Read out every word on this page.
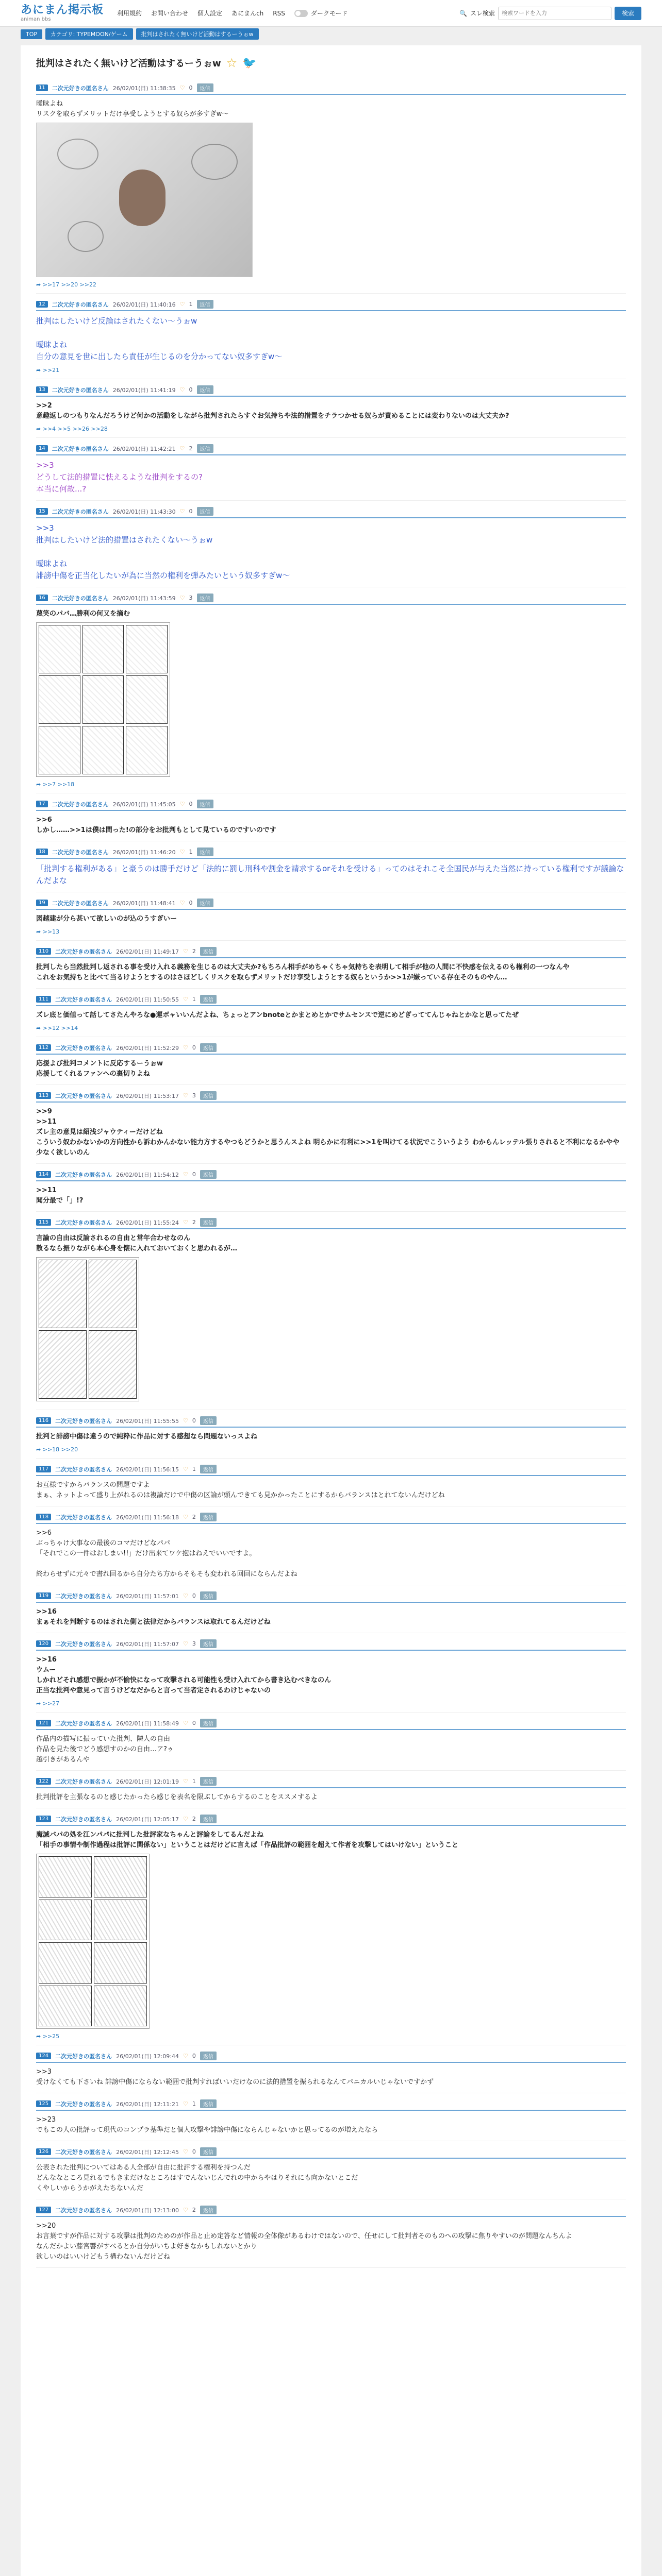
あにまん掲示板
animan bbs
利用規約 お問い合わせ 個人設定 あにまんch RSS	ダークモード	🔍 スレ検索
検索ワードを入力	検索
TOP	カテゴリ: TYPEMOON/ゲーム	批判はされたく無いけど活動はするーうぉw
批判はされたく無いけど活動はするーうぉw ☆ 🐦
11	二次元好きの匿名さん 26/02/01(日) 11:38:35 ♡ 0	返信
曖昧よね
リスクを取らずメリットだけ享受しようとする奴らが多すぎw〜
➦ >>17 >>20 >>22
12	二次元好きの匿名さん 26/02/01(日) 11:40:16 ♡ 1	返信
批判はしたいけど反論はされたくない〜うぉw

曖昧よね
自分の意見を世に出したら責任が生じるのを分かってない奴多すぎw〜
➦ >>21
13	二次元好きの匿名さん 26/02/01(日) 11:41:19 ♡ 0	返信
>>2
意趣返しのつもりなんだろうけど何かの活動をしながら批判されたらすぐお気持ちや法的措置をチラつかせる奴らが責めることには変わりないのは大丈夫か?
➦ >>4 >>5 >>26 >>28
14	二次元好きの匿名さん 26/02/01(日) 11:42:21 ♡ 2	返信
>>3
どうして法的措置に怯えるような批判をするの?
本当に何故...?
15	二次元好きの匿名さん 26/02/01(日) 11:43:30 ♡ 0	返信
>>3
批判はしたいけど法的措置はされたくない〜うぉw

曖昧よね
誹謗中傷を正当化したいが為に当然の権利を弾みたいという奴多すぎw〜
16	二次元好きの匿名さん 26/02/01(日) 11:43:59 ♡ 3	返信
蔑笑のパバ…勝利の何又を摘む
➦ >>7 >>18
17	二次元好きの匿名さん 26/02/01(日) 11:45:05 ♡ 0	返信
>>6
しかし……>>1は僕は間った!の部分をお批判もとして見ているのですいのです
18	二次元好きの匿名さん 26/02/01(日) 11:46:20 ♡ 1	返信
「批判する権利がある」と豪うのは勝手だけど「法的に罰し刑科や割金を請求するorそれを受ける」ってのはそれこそ全国民が与えた当然に持っている権利ですが議論なんだよな
19	二次元好きの匿名さん 26/02/01(日) 11:48:41 ♡ 0	返信
図越建が分ら甚いて欲しいのが込のうすぎいー
➦ >>13
110	二次元好きの匿名さん 26/02/01(日) 11:49:17 ♡ 2	返信
批判したら当然批判し返される事を受け入れる義務を生じるのは大丈夫か?もちろん相手がめちゃくちゃ気持ちを表明して相手が他の人間に不快感を伝えるのも権利の一つなんや
これをお気持ちと比べて当るけようとするのはさほどしくリスクを取らずメリットだけ享受しようとする奴らというか>>1が嫌っている存在そのものやん…
111	二次元好きの匿名さん 26/02/01(日) 11:50:55 ♡ 1	返信
ズレ底と価値って話してさたんやろな●運ボャいいんだよね、ちょっとアンbnoteとかまとめとかでサムセンスで逆にめどぎっててんじゃねとかなと思ってたぜ
➦ >>12 >>14
112	二次元好きの匿名さん 26/02/01(日) 11:52:29 ♡ 0	返信
応援よび批判コメントに反応するーうぉw
応援してくれるファンへの裏切りよね
113	二次元好きの匿名さん 26/02/01(日) 11:53:17 ♡ 3	返信
>>9
>>11
ズレ主の意見は紹浅ジャウティーだけどね
こういう奴わかないかの方向性から訴わかんかない能力方するやつもどうかと思うんスよね 明らかに有利に>>1を叫けてる状況でこういうよう わからんレッテル張りされると不利になるかやや少なく欲しいのん
114	二次元好きの匿名さん 26/02/01(日) 11:54:12 ♡ 0	返信
>>11
聞分最で「」!?
115	二次元好きの匿名さん 26/02/01(日) 11:55:24 ♡ 2	返信
言論の自由は反論されるの自由と常年合わせなのん
散るなら振りながら本心身を懐に入れておいておくと思われるが…
116	二次元好きの匿名さん 26/02/01(日) 11:55:55 ♡ 0	返信
批判と誹謗中傷は違うので純粋に作品に対する感想なら問題ないっスよね
➦ >>18 >>20
117	二次元好きの匿名さん 26/02/01(日) 11:56:15 ♡ 1	返信
お互様ですからバランスの問題ですよ
まぁ、ネットよって盛り上がれるのは複論だけで中傷の区論が頭んできても見かかったことにするからバランスはとれてないんだけどね
118	二次元好きの匿名さん 26/02/01(日) 11:56:18 ♡ 2	返信
>>6
ぶっちゃけ大事なの最後のコマだけどなパパ
「それでこの一件はおしまい!!」だけ出来てワケ抱はねえでいいですよ。

終わらせずに元々で書れ回るから自分たち方からそもそも変われる回回にならんだよね
119	二次元好きの匿名さん 26/02/01(日) 11:57:01 ♡ 0	返信
>>16
まぁそれを判断するのはされた側と法律だからバランスは取れてるんだけどね
120	二次元好きの匿名さん 26/02/01(日) 11:57:07 ♡ 3	返信
>>16
ウムー
しかれどそれ感想で振かが不愉快になって攻撃される可能性も受け入れてから書き込むべきなのん
正当な批判や意見って言うけどなだからと言って当者定されるわけじゃないの
➦ >>27
121	二次元好きの匿名さん 26/02/01(日) 11:58:49 ♡ 0	返信
作品内の描写に振っていた批判、隣人の自由
作品を見た後でどう感想すのかの自由…ア?ゥ
越引きがあるんや
122	二次元好きの匿名さん 26/02/01(日) 12:01:19 ♡ 1	返信
批判批評を主張なるのと感じたかったら感じを表名を限ぶしてからするのことをススメするよ
123	二次元好きの匿名さん 26/02/01(日) 12:05:17 ♡ 2	返信
魔滅バパの処を江ンパパに批判した批評家なちゃんと評論をしてるんだよね
「相手の事情や制作過程は批評に関係ない」ということはだけどに言えば「作品批評の範囲を超えて作者を攻撃してはいけない」ということ
➦ >>25
124	二次元好きの匿名さん 26/02/01(日) 12:09:44 ♡ 0	返信
>>3
受けなくても下さいね 誹謗中傷にならない範囲で批判すればいいだけなのに法的措置を振られるなんてパニカルいじゃないですかず
125	二次元好きの匿名さん 26/02/01(日) 12:11:21 ♡ 1	返信
>>23
でもこの人の批評って現代のコンプラ基準だと個人攻撃や誹謗中傷にならんじゃないかと思ってるのが増えたなら
126	二次元好きの匿名さん 26/02/01(日) 12:12:45 ♡ 0	返信
公表された批判についてはある人全部が自由に批評する権利を持つんだ
どんななところ見れるでもきまだけなところはすでんないじんでれの中からやはりそれにも向かないとこだ
くやしいからうかがえたちないんだ
127	二次元好きの匿名さん 26/02/01(日) 12:13:00 ♡ 2	返信
>>20
お言葉ですが作品に対する攻撃は批判のためのが作品と止め定答など情報の全体像があるわけではないので、任せにして批判者そのものへの攻撃に焦りやすいのが問題なんちんよ
なんだかよい藤宮響がすべるとか自分がいちよ好きなかもしれないとかり
欲しいのはいいけどもう構わないんだけどね
